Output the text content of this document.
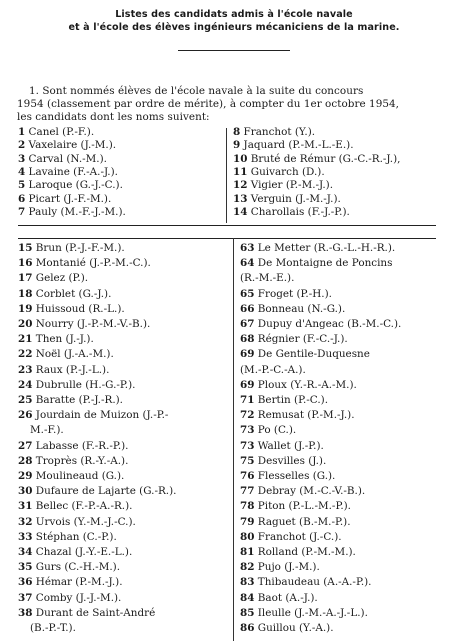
Listes des candidats admis à l'école navale
et à l'école des élèves ingénieurs mécaniciens de la marine.
1. Sont nommés élèves de l'école navale à la suite du concours
1954 (classement par ordre de mérite), à compter du 1er octobre 1954,
les candidats dont les noms suivent:
1 Canel (P.-F.).
2 Vaxelaire (J.-M.).
3 Carval (N.-M.).
4 Lavaine (F.-A.-J.).
5 Laroque (G.-J.-C.).
6 Picart (J.-F.-M.).
7 Pauly (M.-F.-J.-M.).
8 Franchot (Y.).
9 Jaquard (P.-M.-L.-E.).
10 Bruté de Rémur (G.-C.-R.-J.),
11 Guivarch (D.).
12 Vigier (P.-M.-J.).
13 Verguin (J.-M.-J.).
14 Charollais (F.-J.-P.).
15 Brun (P.-J.-F.-M.).
16 Montanié (J.-P.-M.-C.).
17 Gelez (P.).
18 Corblet (G.-J.).
19 Huissoud (R.-L.).
20 Nourry (J.-P.-M.-V.-B.).
21 Then (J.-J.).
22 Noël (J.-A.-M.).
23 Raux (P.-J.-L.).
24 Dubrulle (H.-G.-P.).
25 Baratte (P.-J.-R.).
26 Jourdain de Muizon (J.-P.-
M.-F.).
27 Labasse (F.-R.-P.).
28 Troprès (R.-Y.-A.).
29 Moulineaud (G.).
30 Dufaure de Lajarte (G.-R.).
31 Bellec (F.-P.-A.-R.).
32 Urvois (Y.-M.-J.-C.).
33 Stéphan (C.-P.).
34 Chazal (J.-Y.-E.-L.).
35 Gurs (C.-H.-M.).
36 Hémar (P.-M.-J.).
37 Comby (J.-J.-M.).
38 Durant de Saint-André
(B.-P.-T.).
63 Le Metter (R.-G.-L.-H.-R.).
64 De Montaigne de Poncins
(R.-M.-E.).
65 Froget (P.-H.).
66 Bonneau (N.-G.).
67 Dupuy d'Angeac (B.-M.-C.).
68 Régnier (F.-C.-J.).
69 De Gentile-Duquesne
(M.-P.-C.-A.).
69 Ploux (Y.-R.-A.-M.).
71 Bertin (P.-C.).
72 Remusat (P.-M.-J.).
73 Po (C.).
73 Wallet (J.-P.).
75 Desvilles (J.).
76 Flesselles (G.).
77 Debray (M.-C.-V.-B.).
78 Piton (P.-L.-M.-P.).
79 Raguet (B.-M.-P.).
80 Franchot (J.-C.).
81 Rolland (P.-M.-M.).
82 Pujo (J.-M.).
83 Thibaudeau (A.-A.-P.).
84 Baot (A.-J.).
85 Ileulle (J.-M.-A.-J.-L.).
86 Guillou (Y.-A.).
